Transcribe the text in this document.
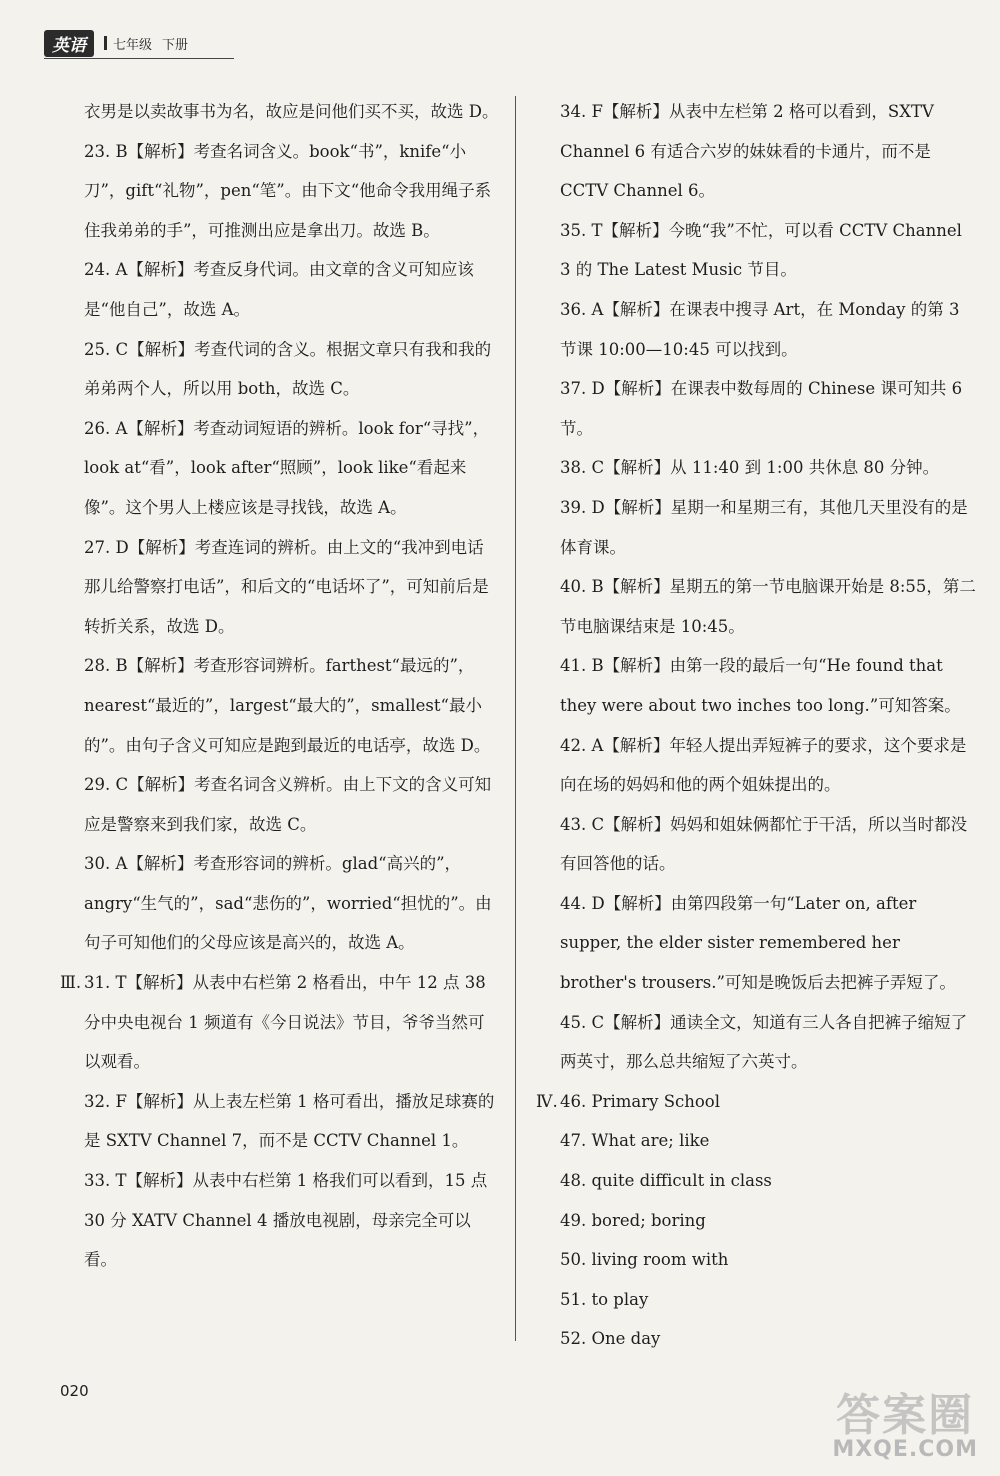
英语	七年级 下册

衣男是以卖故事书为名，故应是问他们买不买，故选 D。

23. B【解析】考查名词含义。book“书”，knife“小刀”，gift“礼物”，pen“笔”。由下文“他命令我用绳子系住我弟弟的手”，可推测出应是拿出刀。故选 B。

24. A【解析】考查反身代词。由文章的含义可知应该是“他自己”，故选 A。

25. C【解析】考查代词的含义。根据文章只有我和我的弟弟两个人，所以用 both，故选 C。

26. A【解析】考查动词短语的辨析。look for“寻找”，look at“看”，look after“照顾”，look like“看起来像”。这个男人上楼应该是寻找钱，故选 A。

27. D【解析】考查连词的辨析。由上文的“我冲到电话那儿给警察打电话”，和后文的“电话坏了”，可知前后是转折关系，故选 D。

28. B【解析】考查形容词辨析。farthest“最远的”，nearest“最近的”，largest“最大的”，smallest“最小的”。由句子含义可知应是跑到最近的电话亭，故选 D。

29. C【解析】考查名词含义辨析。由上下文的含义可知应是警察来到我们家，故选 C。

30. A【解析】考查形容词的辨析。glad“高兴的”，angry“生气的”，sad“悲伤的”，worried“担忧的”。由句子可知他们的父母应该是高兴的，故选 A。

Ⅲ. 31. T【解析】从表中右栏第 2 格看出，中午 12 点 38 分中央电视台 1 频道有《今日说法》节目，爷爷当然可以观看。

32. F【解析】从上表左栏第 1 格可看出，播放足球赛的是 SXTV Channel 7，而不是 CCTV Channel 1。

33. T【解析】从表中右栏第 1 格我们可以看到，15 点 30 分 XATV Channel 4 播放电视剧，母亲完全可以看。

34. F【解析】从表中左栏第 2 格可以看到，SXTV Channel 6 有适合六岁的妹妹看的卡通片，而不是 CCTV Channel 6。

35. T【解析】今晚“我”不忙，可以看 CCTV Channel 3 的 The Latest Music 节目。

36. A【解析】在课表中搜寻 Art，在 Monday 的第 3 节课 10:00—10:45 可以找到。

37. D【解析】在课表中数每周的 Chinese 课可知共 6 节。

38. C【解析】从 11:40 到 1:00 共休息 80 分钟。

39. D【解析】星期一和星期三有，其他几天里没有的是体育课。

40. B【解析】星期五的第一节电脑课开始是 8:55，第二节电脑课结束是 10:45。

41. B【解析】由第一段的最后一句“He found that they were about two inches too long.”可知答案。

42. A【解析】年轻人提出弄短裤子的要求，这个要求是向在场的妈妈和他的两个姐妹提出的。

43. C【解析】妈妈和姐妹俩都忙于干活，所以当时都没有回答他的话。

44. D【解析】由第四段第一句“Later on, after supper, the elder sister remembered her brother's trousers.”可知是晚饭后去把裤子弄短了。

45. C【解析】通读全文，知道有三人各自把裤子缩短了两英寸，那么总共缩短了六英寸。

Ⅳ. 46. Primary School

47. What are; like

48. quite difficult in class

49. bored; boring

50. living room with

51. to play

52. One day

020	答案圈
MXQE.COM
